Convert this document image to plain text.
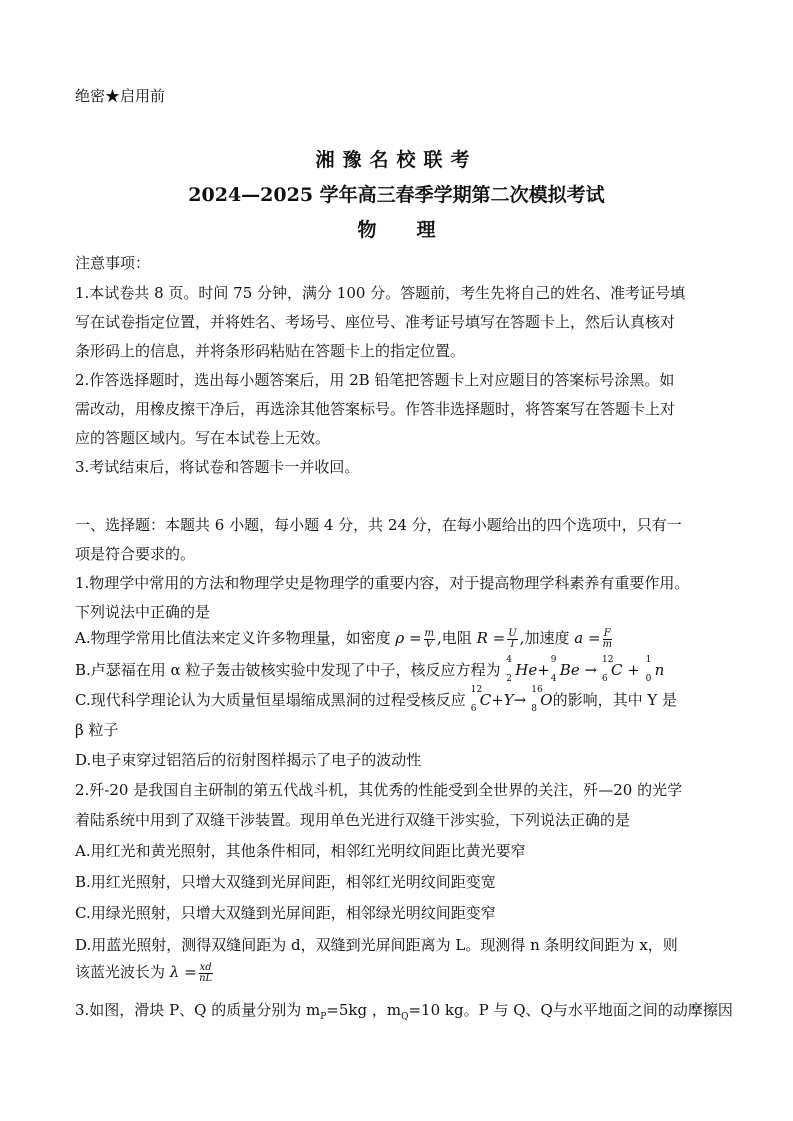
绝密★启用前
湘豫名校联考
2024—2025 学年高三春季学期第二次模拟考试
物理
注意事项：
1.本试卷共 8 页。时间 75 分钟，满分 100 分。答题前，考生先将自己的姓名、准考证号填
写在试卷指定位置，并将姓名、考场号、座位号、准考证号填写在答题卡上，然后认真核对
条形码上的信息，并将条形码粘贴在答题卡上的指定位置。
2.作答选择题时，选出每小题答案后，用 2B 铅笔把答题卡上对应题目的答案标号涂黑。如
需改动，用橡皮擦干净后，再选涂其他答案标号。作答非选择题时，将答案写在答题卡上对
应的答题区域内。写在本试卷上无效。
3.考试结束后，将试卷和答题卡一并收回。
一、选择题：本题共 6 小题，每小题 4 分，共 24 分，在每小题给出的四个选项中，只有一
项是符合要求的。
1.物理学中常用的方法和物理学史是物理学的重要内容，对于提高物理学科素养有重要作用。
下列说法中正确的是
A.物理学常用比值法来定义许多物理量，如密度 $\rho = \frac{m}{V}$ ,电阻 $R = \frac{U}{I}$ ,加速度 $a = \frac{F}{m}$
B.卢瑟福在用 α 粒子轰击铍核实验中发现了中子，核反应方程为
4
2 He+
9
4 Be →
12
6 C +
1
0 n
C.现代科学理论认为大质量恒星塌缩成黑洞的过程受核反应
12
6 C+Y→
16
8 O的影响，其中 Y 是
β 粒子
D.电子束穿过铝箔后的衍射图样揭示了电子的波动性
2.歼-20 是我国自主研制的第五代战斗机，其优秀的性能受到全世界的关注，歼—20 的光学
着陆系统中用到了双缝干涉装置。现用单色光进行双缝干涉实验，下列说法正确的是
A.用红光和黄光照射，其他条件相同，相邻红光明纹间距比黄光要窄
B.用红光照射，只增大双缝到光屏间距，相邻红光明纹间距变宽
C.用绿光照射，只增大双缝到光屏间距，相邻绿光明纹间距变窄
D.用蓝光照射，测得双缝间距为 d，双缝到光屏间距离为 L。现测得 n 条明纹间距为 x，则
该蓝光波长为 $\lambda = \frac{xd}{nL}$
3.如图，滑块 P、Q 的质量分别为 $m_P=5kg$ ，$m_Q=10$ kg。P 与 Q、Q与水平地面之间的动摩擦因
